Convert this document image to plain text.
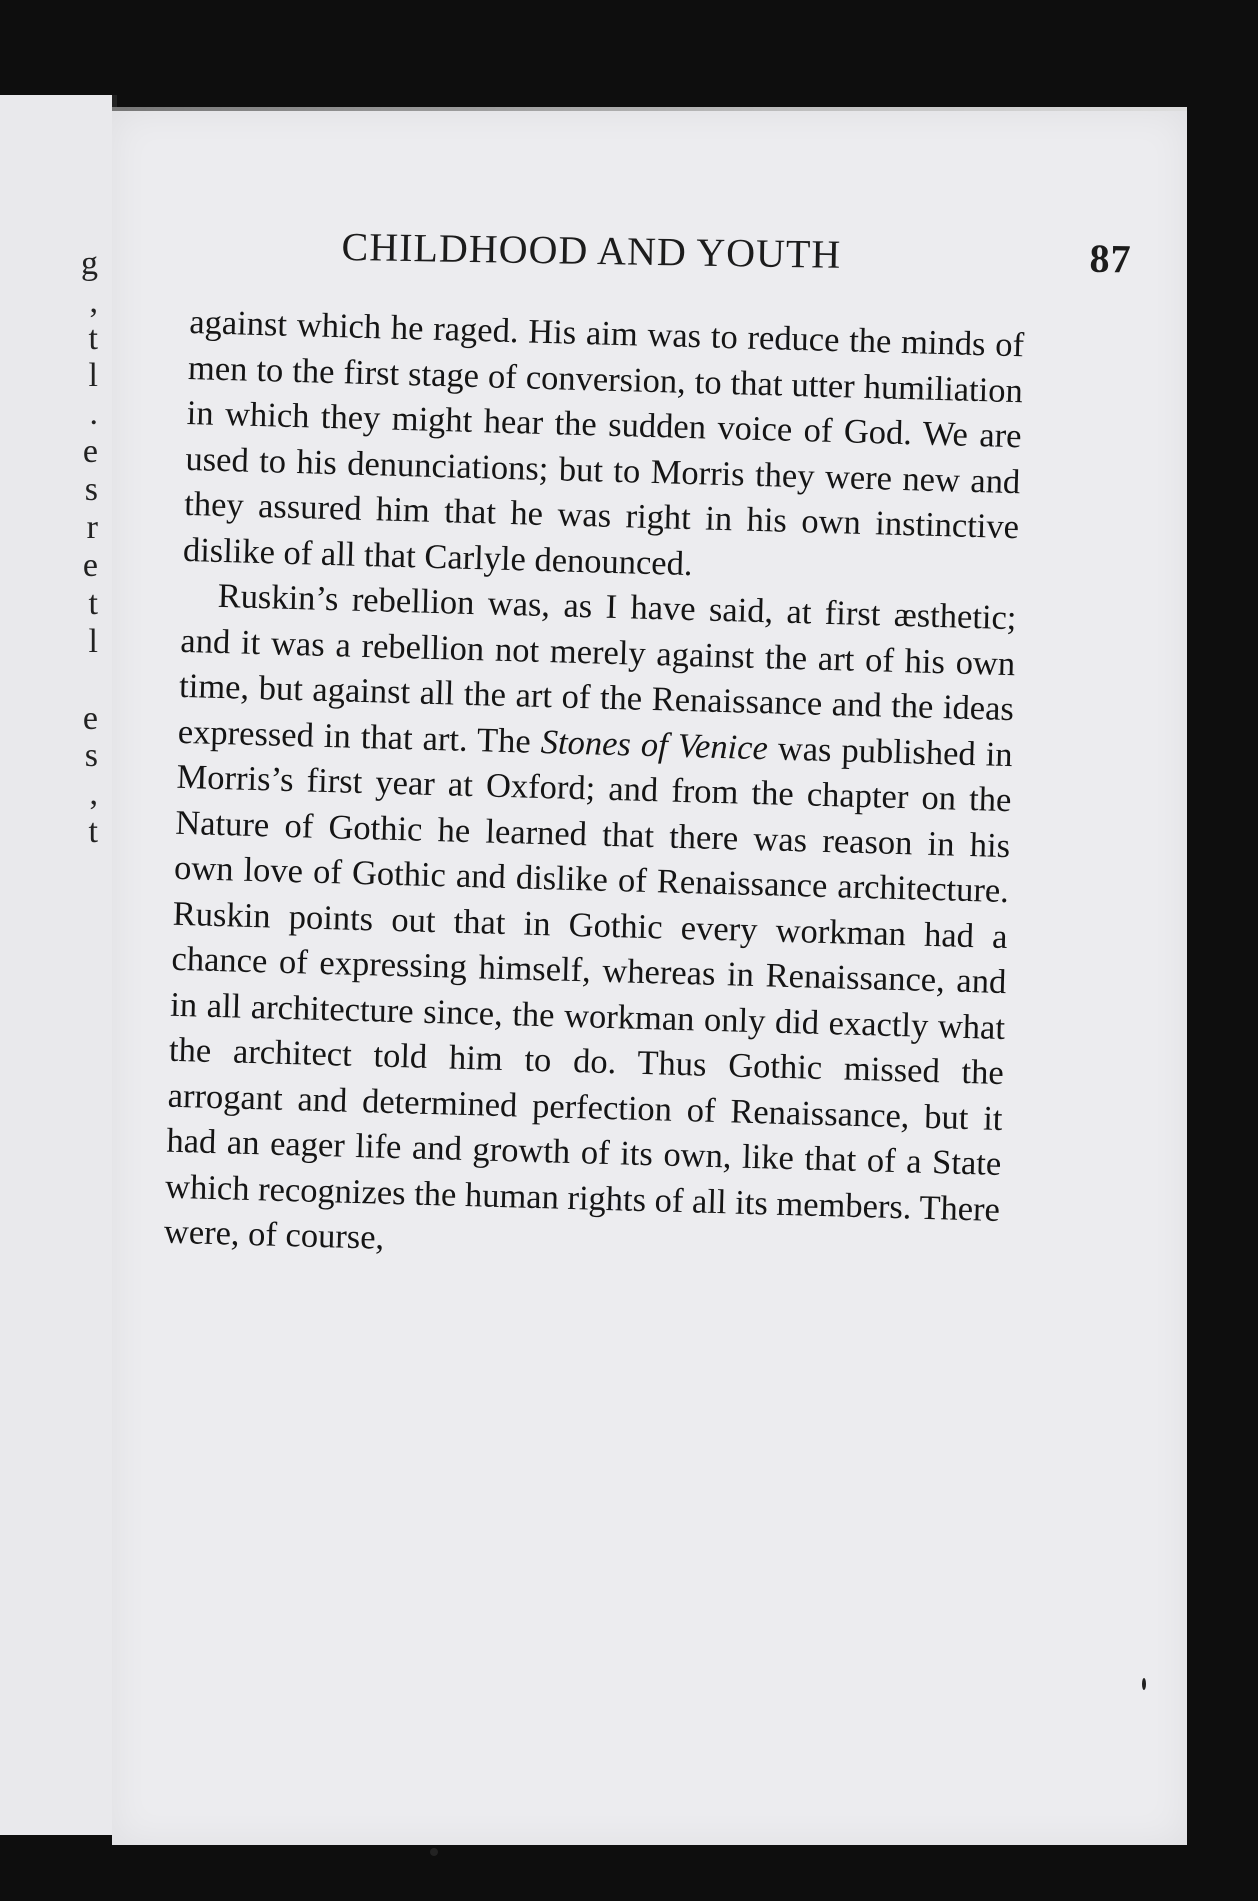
g
,
t
l
.
e
s
r
e
t
l
e
s
,
t
CHILDHOOD AND YOUTH	87

against which he raged. His aim was to reduce the minds of men to the first stage of conversion, to that utter humiliation in which they might hear the sudden voice of God. We are used to his denunciations; but to Morris they were new and they assured him that he was right in his own instinctive dislike of all that Carlyle denounced.

Ruskin’s rebellion was, as I have said, at first æsthetic; and it was a rebellion not merely against the art of his own time, but against all the art of the Renaissance and the ideas expressed in that art. The Stones of Venice was published in Morris’s first year at Oxford; and from the chapter on the Nature of Gothic he learned that there was reason in his own love of Gothic and dislike of Renaissance architecture. Ruskin points out that in Gothic every workman had a chance of expressing himself, whereas in Renaissance, and in all architecture since, the workman only did exactly what the architect told him to do. Thus Gothic missed the arrogant and determined perfection of Renaissance, but it had an eager life and growth of its own, like that of a State which recognizes the human rights of all its members. There were, of course,
